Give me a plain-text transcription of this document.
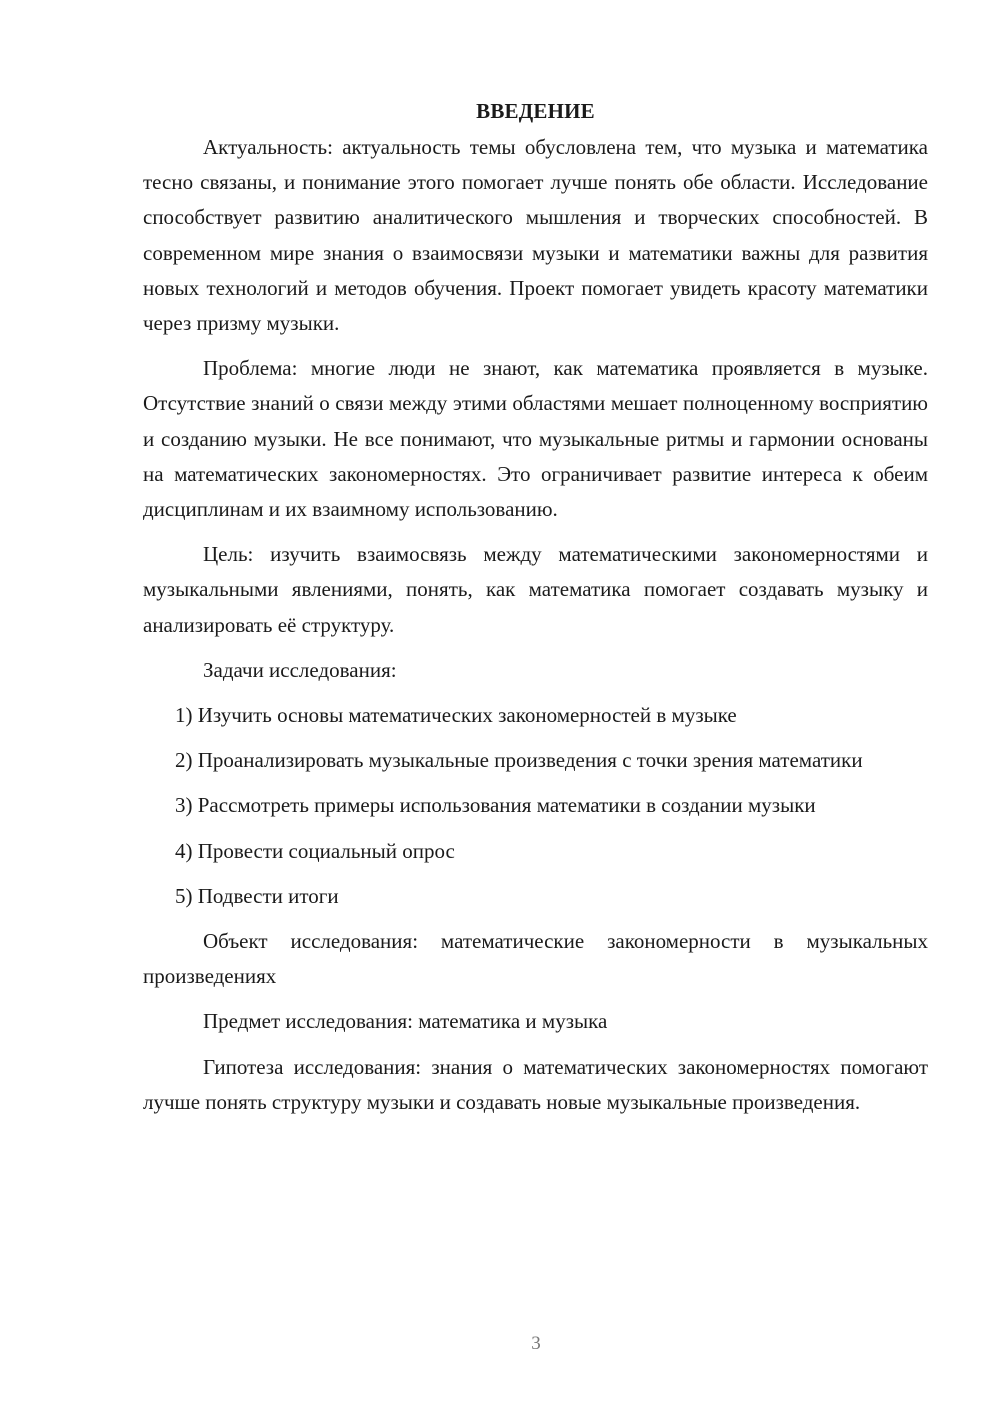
ВВЕДЕНИЕ

Актуальность: актуальность темы обусловлена тем, что музыка и математика тесно связаны, и понимание этого помогает лучше понять обе области. Исследование способствует развитию аналитического мышления и творческих способностей. В современном мире знания о взаимосвязи музыки и математики важны для развития новых технологий и методов обучения. Проект помогает увидеть красоту математики через призму музыки.

Проблема: многие люди не знают, как математика проявляется в музыке. Отсутствие знаний о связи между этими областями мешает полноценному восприятию и созданию музыки. Не все понимают, что музыкальные ритмы и гармонии основаны на математических закономерностях. Это ограничивает развитие интереса к обеим дисциплинам и их взаимному использованию.

Цель: изучить взаимосвязь между математическими закономерностями и музыкальными явлениями, понять, как математика помогает создавать музыку и анализировать её структуру.

Задачи исследования:

1) Изучить основы математических закономерностей в музыке

2) Проанализировать музыкальные произведения с точки зрения математики

3) Рассмотреть примеры использования математики в создании музыки

4) Провести социальный опрос

5) Подвести итоги

Объект исследования: математические закономерности в музыкальных произведениях

Предмет исследования: математика и музыка

Гипотеза исследования: знания о математических закономерностях помогают лучше понять структуру музыки и создавать новые музыкальные произведения.

3
